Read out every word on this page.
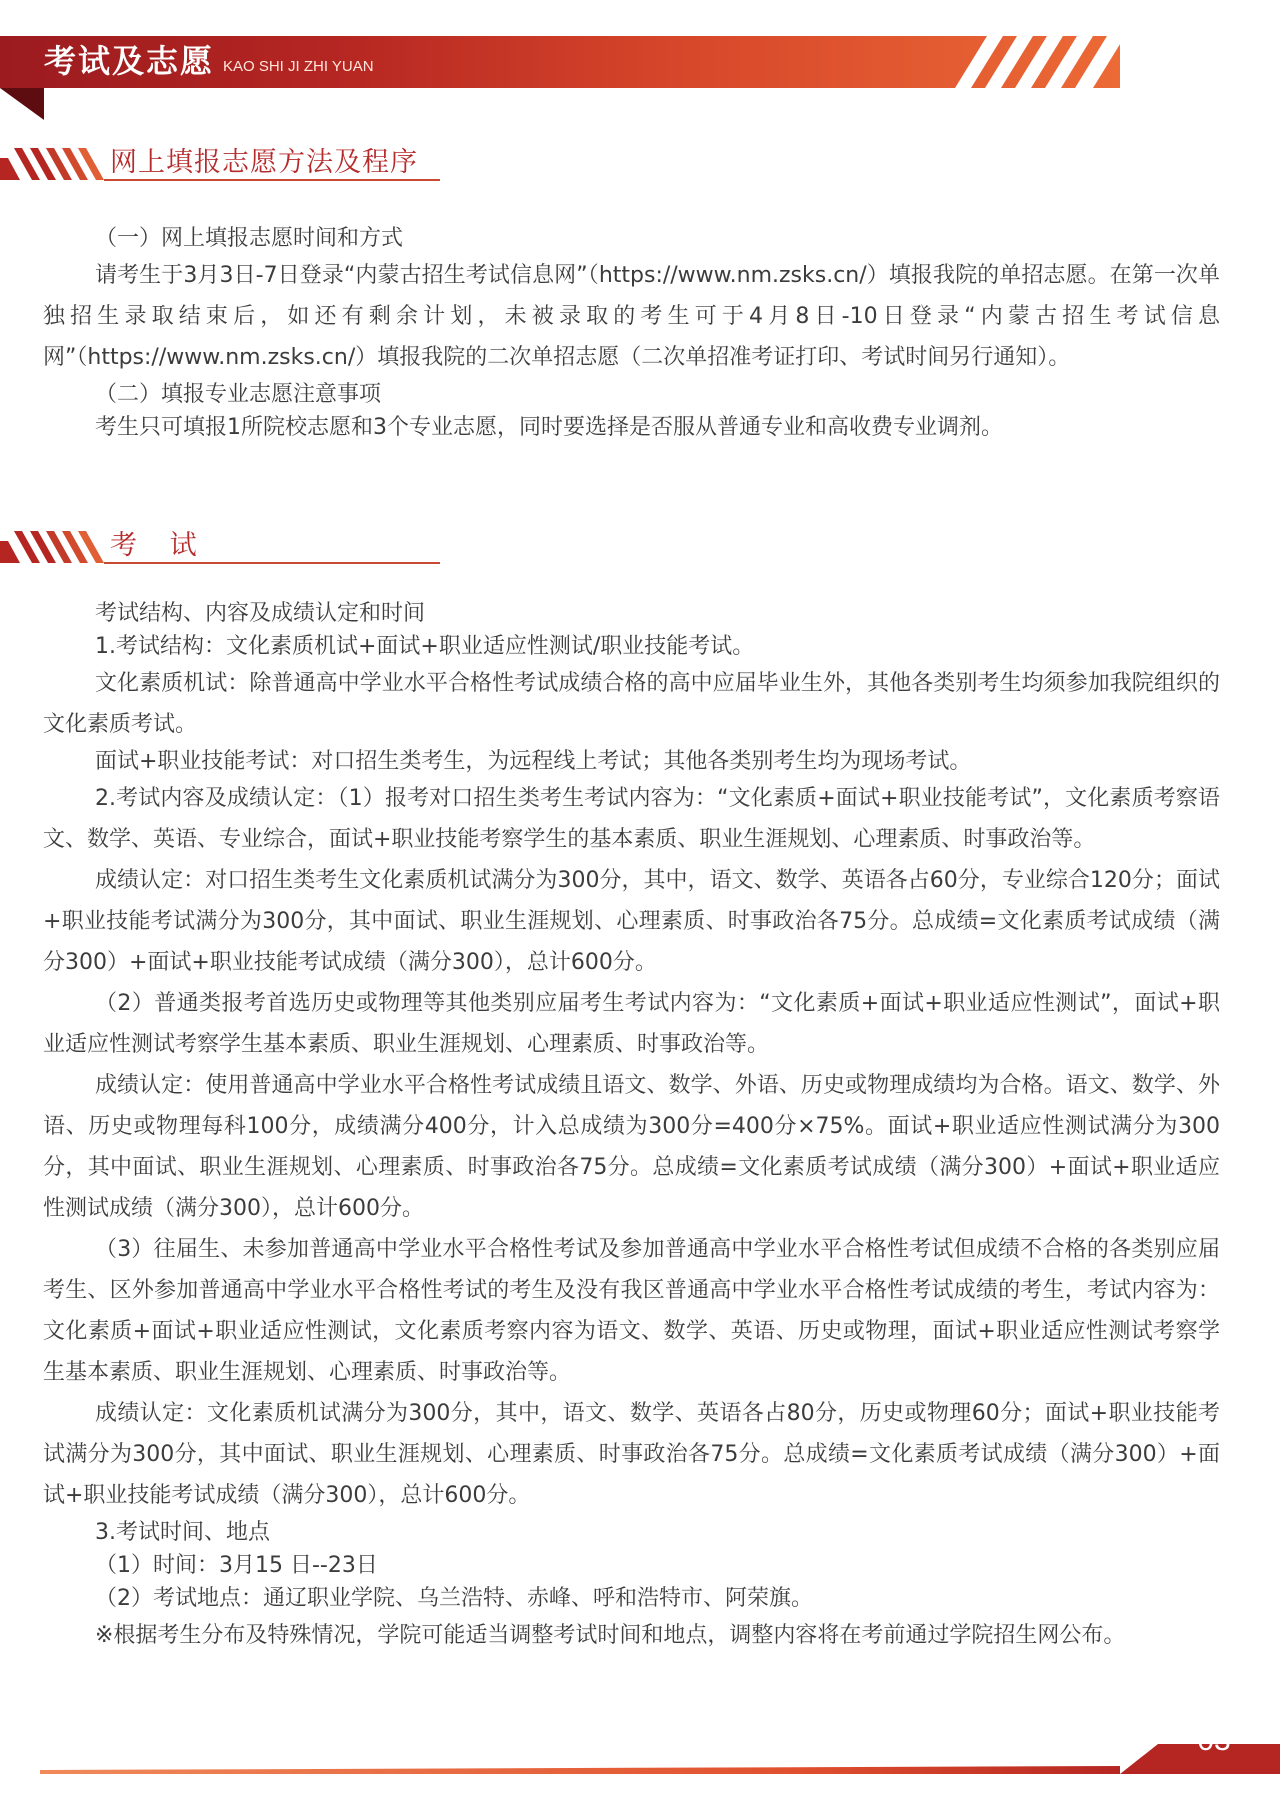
考试及志愿 KAO SHI JI ZHI YUAN
网上填报志愿方法及程序

（一）网上填报志愿时间和方式

请考生于3月3日-7日登录“内蒙古招生考试信息网”（https://www.nm.zsks.cn/）填报我院的单招志愿。在第一次单独招生录取结束后，如还有剩余计划，未被录取的考生可于4月8日-10日登录“内蒙古招生考试信息网”（https://www.nm.zsks.cn/）填报我院的二次单招志愿（二次单招准考证打印、考试时间另行通知）。

（二）填报专业志愿注意事项

考生只可填报1所院校志愿和3个专业志愿，同时要选择是否服从普通专业和高收费专业调剂。

考 试

考试结构、内容及成绩认定和时间

1.考试结构：文化素质机试+面试+职业适应性测试/职业技能考试。

文化素质机试：除普通高中学业水平合格性考试成绩合格的高中应届毕业生外，其他各类别考生均须参加我院组织的文化素质考试。

面试+职业技能考试：对口招生类考生，为远程线上考试；其他各类别考生均为现场考试。

2.考试内容及成绩认定：（1）报考对口招生类考生考试内容为：“文化素质+面试+职业技能考试”，文化素质考察语文、数学、英语、专业综合，面试+职业技能考察学生的基本素质、职业生涯规划、心理素质、时事政治等。

成绩认定：对口招生类考生文化素质机试满分为300分，其中，语文、数学、英语各占60分，专业综合120分；面试+职业技能考试满分为300分，其中面试、职业生涯规划、心理素质、时事政治各75分。总成绩=文化素质考试成绩（满分300）+面试+职业技能考试成绩（满分300），总计600分。

（2）普通类报考首选历史或物理等其他类别应届考生考试内容为：“文化素质+面试+职业适应性测试”，面试+职业适应性测试考察学生基本素质、职业生涯规划、心理素质、时事政治等。

成绩认定：使用普通高中学业水平合格性考试成绩且语文、数学、外语、历史或物理成绩均为合格。语文、数学、外语、历史或物理每科100分，成绩满分400分，计入总成绩为300分=400分×75%。面试+职业适应性测试满分为300分，其中面试、职业生涯规划、心理素质、时事政治各75分。总成绩=文化素质考试成绩（满分300）+面试+职业适应性测试成绩（满分300），总计600分。

（3）往届生、未参加普通高中学业水平合格性考试及参加普通高中学业水平合格性考试但成绩不合格的各类别应届考生、区外参加普通高中学业水平合格性考试的考生及没有我区普通高中学业水平合格性考试成绩的考生，考试内容为：文化素质+面试+职业适应性测试，文化素质考察内容为语文、数学、英语、历史或物理，面试+职业适应性测试考察学生基本素质、职业生涯规划、心理素质、时事政治等。

成绩认定：文化素质机试满分为300分，其中，语文、数学、英语各占80分，历史或物理60分；面试+职业技能考试满分为300分，其中面试、职业生涯规划、心理素质、时事政治各75分。总成绩=文化素质考试成绩（满分300）+面试+职业技能考试成绩（满分300），总计600分。

3.考试时间、地点

（1）时间：3月15 日--23日

（2）考试地点：通辽职业学院、乌兰浩特、赤峰、呼和浩特市、阿荣旗。

※根据考生分布及特殊情况，学院可能适当调整考试时间和地点，调整内容将在考前通过学院招生网公布。

03
